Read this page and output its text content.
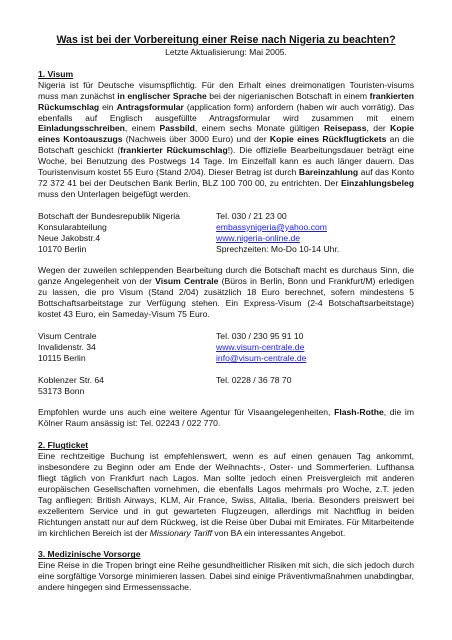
Was ist bei der Vorbereitung einer Reise nach Nigeria zu beachten?

Letzte Aktualisierung: Mai 2005.

1. Visum

Nigeria ist für Deutsche visumspflichtig. Für den Erhalt eines dreimonatigen Touristen-visums muss man zunächst in englischer Sprache bei der nigerianischen Botschaft in einem frankierten Rückumschlag ein Antragsformular (application form) anfordern (haben wir auch vorrätig). Das ebenfalls auf Englisch ausgefüllte Antragsformular wird zusammen mit einem Einladungsschreiben, einem Passbild, einem sechs Monate gültigen Reisepass, der Kopie eines Kontoauszugs (Nachweis über 3000 Euro) und der Kopie eines Rückflugtickets an die Botschaft geschickt (frankierter Rückumschlag!). Die offizielle Bearbeitungsdauer beträgt eine Woche, bei Benutzung des Postwegs 14 Tage. Im Einzelfall kann es auch länger dauern. Das Touristenvisum kostet 55 Euro (Stand 2/04). Dieser Betrag ist durch Bareinzahlung auf das Konto 72 372 41 bei der Deutschen Bank Berlin, BLZ 100 700 00, zu entrichten. Der Einzahlungsbeleg muss den Unterlagen beigefügt werden.

Botschaft der Bundesrepublik Nigeria	Tel. 030 / 21 23 00
Konsularabteilung	embassynigeria@yahoo.com
Neue Jakobstr.4	www.nigeria-online.de
10170 Berlin	Sprechzeiten: Mo-Do 10-14 Uhr.

Wegen der zuweilen schleppenden Bearbeitung durch die Botschaft macht es durchaus Sinn, die ganze Angelegenheit von der Visum Centrale (Büros in Berlin, Bonn und Frankfurt/M) erledigen zu lassen, die pro Visum (Stand 2/04) zusätzlich 18 Euro berechnet, sofern mindestens 5 Bottschaftsarbeitstage zur Verfügung stehen. Ein Express-Visum (2-4 Botschaftsarbeitstage) kostet 43 Euro, ein Sameday-Visum 75 Euro.

Visum Centrale	Tel. 030 / 230 95 91 10
Invalidenstr. 34	www.visum-centrale.de
10115 Berlin	info@visum-centrale.de
Koblenzer Str. 64	Tel. 0228 / 36 78 70
53173 Bonn

Empfohlen wurde uns auch eine weitere Agentur für Visaangelegenheiten, Flash-Rothe, die im Kölner Raum ansässig ist: Tel. 02243 / 022 770.

2. Flugticket

Eine rechtzeitige Buchung ist empfehlenswert, wenn es auf einen genauen Tag ankommt, insbesondere zu Beginn oder am Ende der Weihnachts-, Oster- und Sommerferien. Lufthansa fliegt täglich von Frankfurt nach Lagos. Man sollte jedoch einen Preisvergleich mit anderen europäischen Gesellschaften vornehmen, die ebenfalls Lagos mehrmals pro Woche, z.T. jeden Tag anfliegen: British Airways, KLM, Air France, Swiss, Alitalia, Iberia. Besonders preiswert bei exzellentem Service und in gut gewarteten Flugzeugen, allerdings mit Nachtflug in beiden Richtungen anstatt nur auf dem Rückweg, ist die Reise über Dubai mit Emirates. Für Mitarbeitende im kirchlichen Bereich ist der Missionary Tariff von BA ein interessantes Angebot.

3. Medizinische Vorsorge

Eine Reise in die Tropen bringt eine Reihe gesundheitlicher Risiken mit sich, die sich jedoch durch eine sorgfältige Vorsorge minimieren lassen. Dabei sind einige Präventivmaßnahmen unabdingbar, andere hingegen sind Ermessenssache.
